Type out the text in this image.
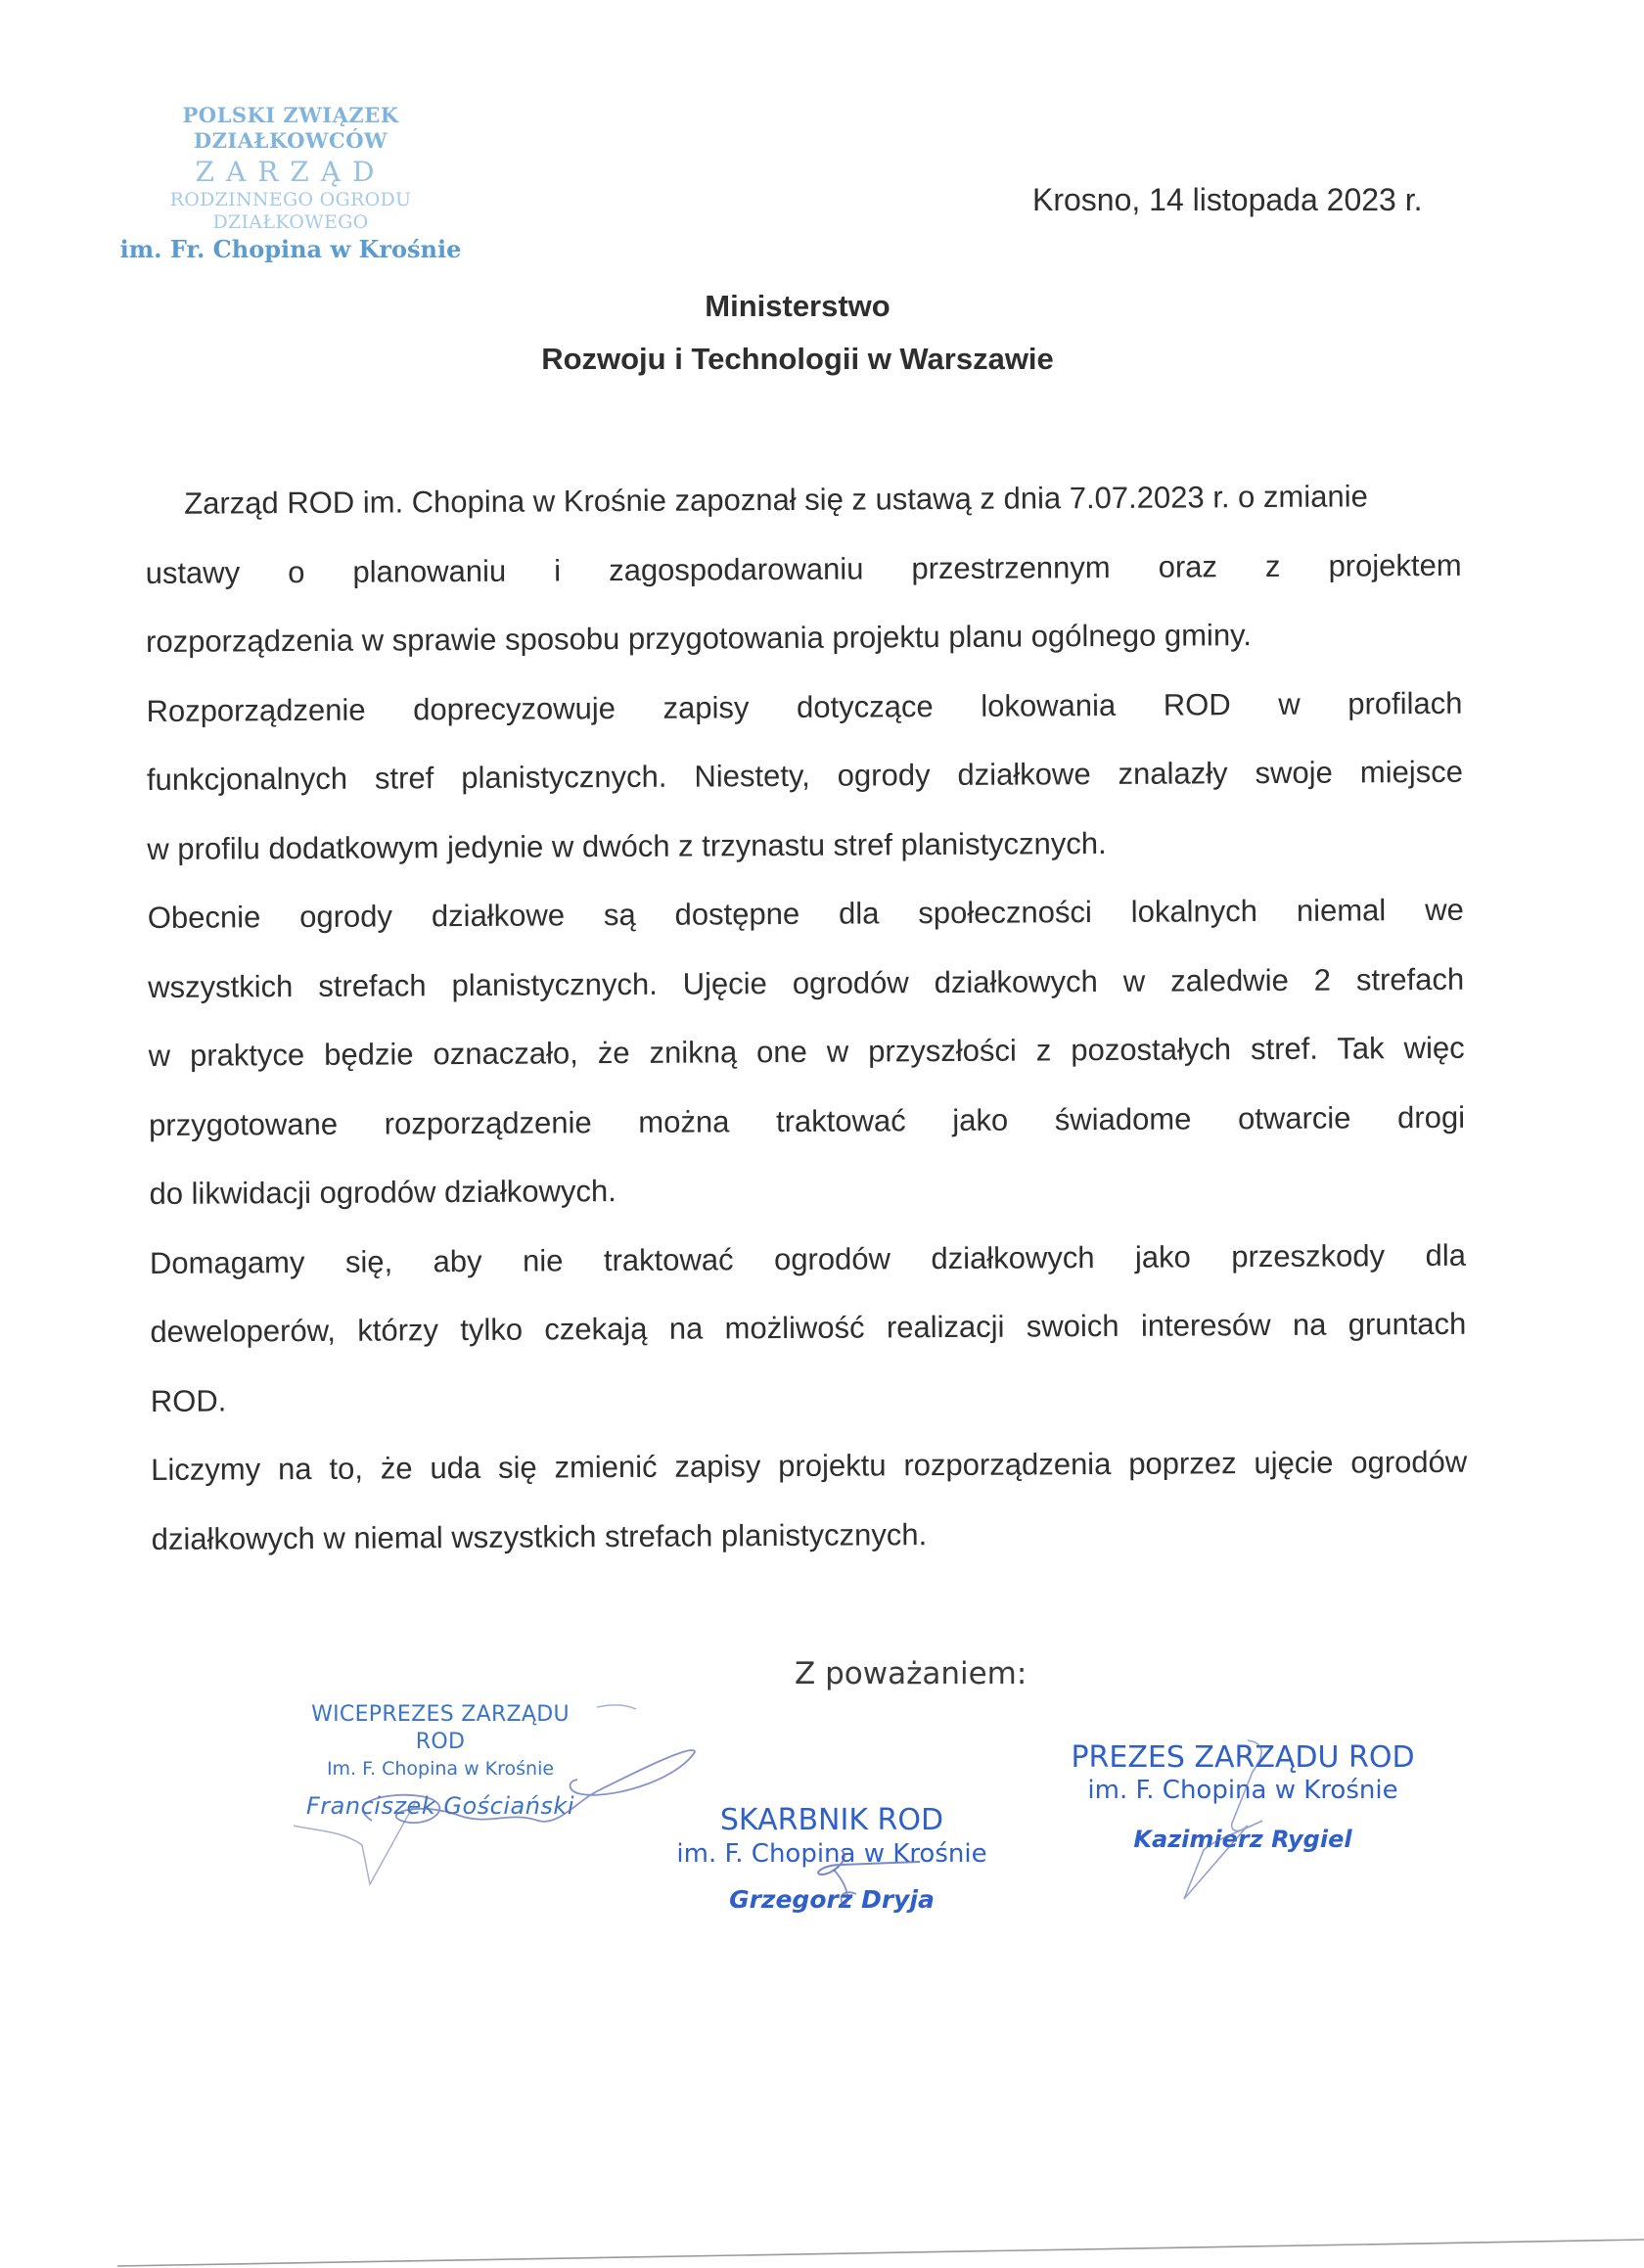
POLSKI ZWIĄZEK DZIAŁKOWCÓW
ZARZĄD
RODZINNEGO OGRODU DZIAŁKOWEGO
im. Fr. Chopina w Krośnie
Krosno, 14 listopada 2023 r.
Ministerstwo
Rozwoju i Technologii w Warszawie
Zarząd ROD im. Chopina w Krośnie zapoznał się z ustawą z dnia 7.07.2023 r. o zmianie
ustawy o planowaniu i zagospodarowaniu przestrzennym oraz z projektem
rozporządzenia w sprawie sposobu przygotowania projektu planu ogólnego gminy.
Rozporządzenie doprecyzowuje zapisy dotyczące lokowania ROD w profilach
funkcjonalnych stref planistycznych. Niestety, ogrody działkowe znalazły swoje miejsce
w profilu dodatkowym jedynie w dwóch z trzynastu stref planistycznych.
Obecnie ogrody działkowe są dostępne dla społeczności lokalnych niemal we
wszystkich strefach planistycznych. Ujęcie ogrodów działkowych w zaledwie 2 strefach
w praktyce będzie oznaczało, że znikną one w przyszłości z pozostałych stref. Tak więc
przygotowane rozporządzenie można traktować jako świadome otwarcie drogi
do likwidacji ogrodów działkowych.
Domagamy się, aby nie traktować ogrodów działkowych jako przeszkody dla
deweloperów, którzy tylko czekają na możliwość realizacji swoich interesów na gruntach
ROD.
Liczymy na to, że uda się zmienić zapisy projektu rozporządzenia poprzez ujęcie ogrodów
działkowych w niemal wszystkich strefach planistycznych.
Z poważaniem:
WICEPREZES ZARZĄDU ROD
Im. F. Chopina w Krośnie
Franciszek Gościański	SKARBNIK ROD
im. F. Chopina w Krośnie
Grzegorz Dryja
PREZES ZARZĄDU ROD
im. F. Chopina w Krośnie
Kazimierz Rygiel
